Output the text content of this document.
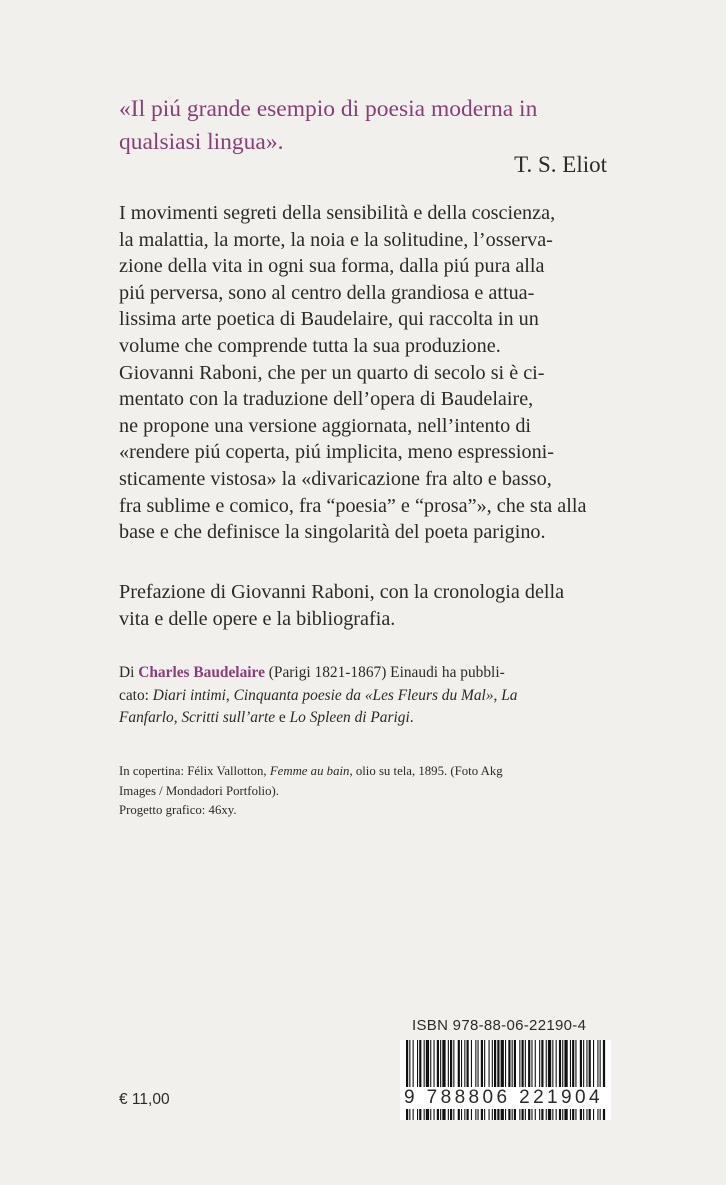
«Il piú grande esempio di poesia moderna in
qualsiasi lingua».
T. S. Eliot
I movimenti segreti della sensibilità e della coscienza,
la malattia, la morte, la noia e la solitudine, l’osserva-
zione della vita in ogni sua forma, dalla piú pura alla
piú perversa, sono al centro della grandiosa e attua-
lissima arte poetica di Baudelaire, qui raccolta in un
volume che comprende tutta la sua produzione.
Giovanni Raboni, che per un quarto di secolo si è ci-
mentato con la traduzione dell’opera di Baudelaire,
ne propone una versione aggiornata, nell’intento di
«rendere piú coperta, piú implicita, meno espressioni-
sticamente vistosa» la «divaricazione fra alto e basso,
fra sublime e comico, fra “poesia” e “prosa”», che sta alla
base e che definisce la singolarità del poeta parigino.
Prefazione di Giovanni Raboni, con la cronologia della
vita e delle opere e la bibliografia.
Di Charles Baudelaire (Parigi 1821-1867) Einaudi ha pubbli-
cato: Diari intimi, Cinquanta poesie da «Les Fleurs du Mal», La
Fanfarlo, Scritti sull’arte e Lo Spleen di Parigi.
In copertina: Félix Vallotton, Femme au bain, olio su tela, 1895. (Foto Akg
Images / Mondadori Portfolio).
Progetto grafico: 46xy.
ISBN 978-88-06-22190-4
9 788806 221904
€ 11,00
